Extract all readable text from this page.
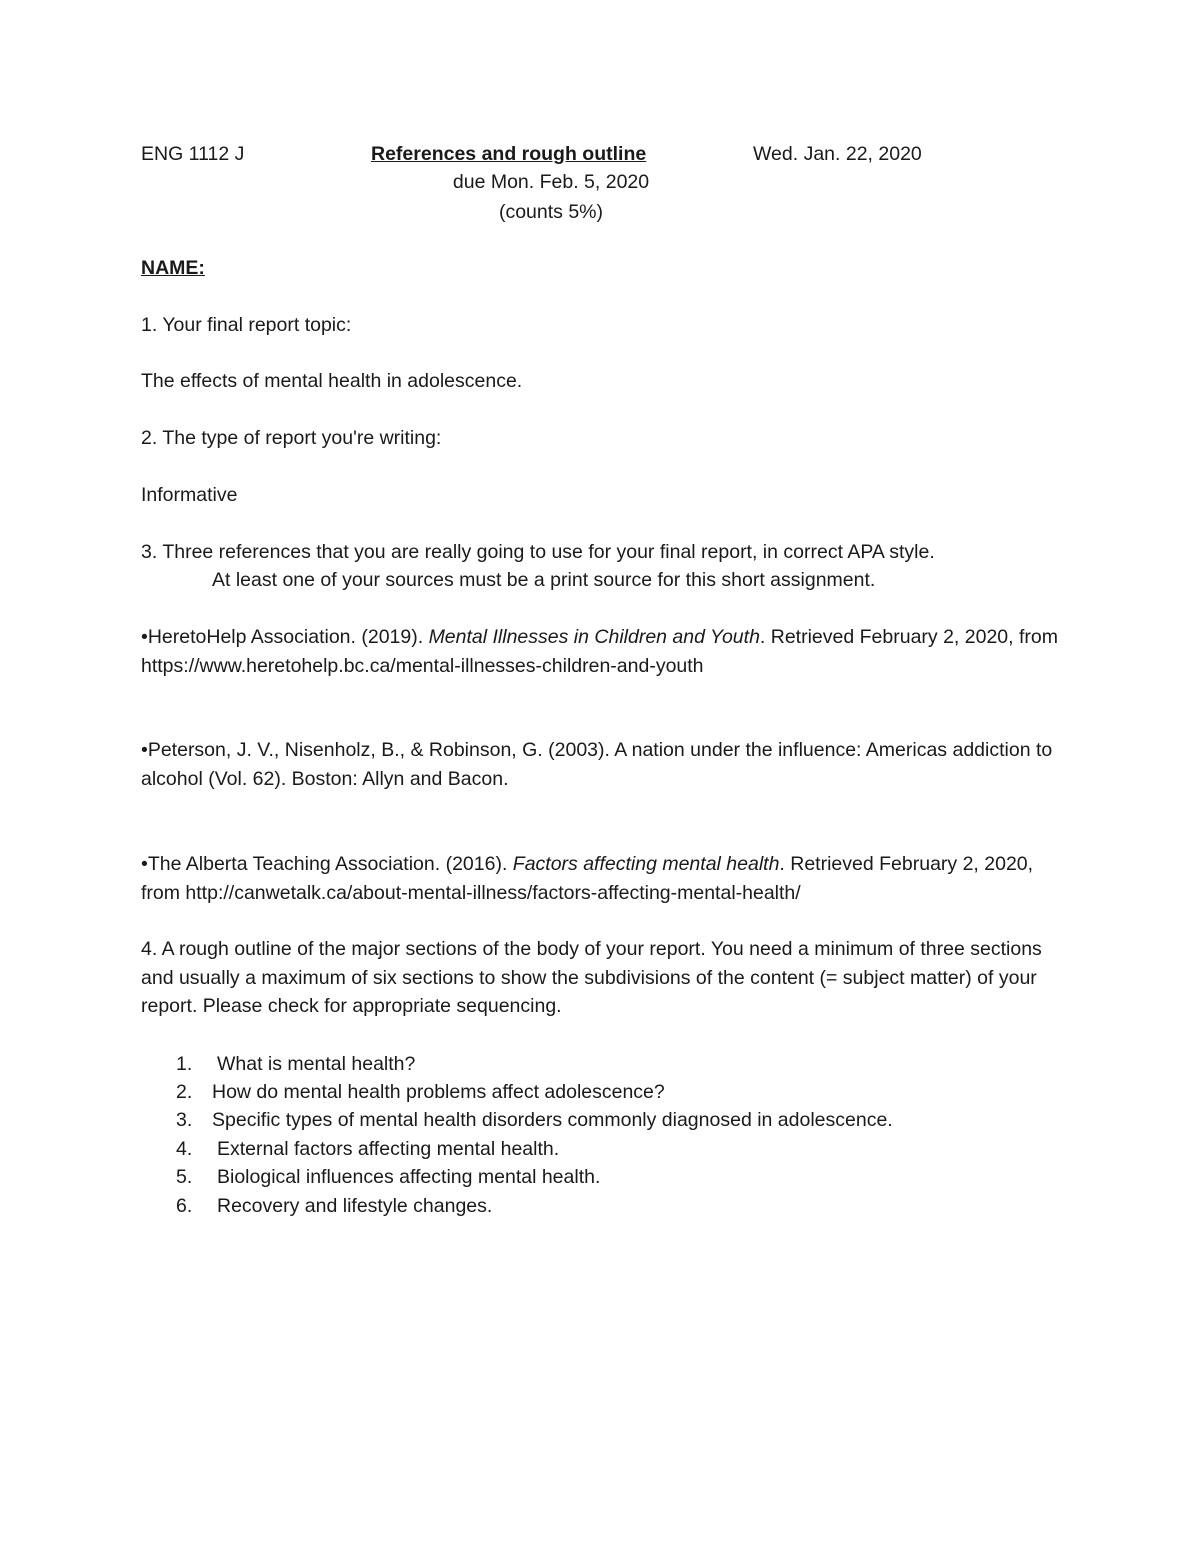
ENG 1112 J	References and rough outline	Wed. Jan. 22, 2020
due Mon. Feb. 5, 2020
(counts 5%)
NAME:
1. Your final report topic:
The effects of mental health in adolescence.
2. The type of report you're writing:
Informative
3. Three references that you are really going to use for your final report, in correct APA style.
At least one of your sources must be a print source for this short assignment.
•HeretoHelp Association. (2019). Mental Illnesses in Children and Youth. Retrieved February 2, 2020, from https://www.heretohelp.bc.ca/mental-illnesses-children-and-youth
•Peterson, J. V., Nisenholz, B., & Robinson, G. (2003). A nation under the influence: Americas addiction to alcohol (Vol. 62). Boston: Allyn and Bacon.
•The Alberta Teaching Association. (2016). Factors affecting mental health. Retrieved February 2, 2020, from http://canwetalk.ca/about-mental-illness/factors-affecting-mental-health/
4. A rough outline of the major sections of the body of your report. You need a minimum of three sections and usually a maximum of six sections to show the subdivisions of the content (= subject matter) of your report. Please check for appropriate sequencing.
1. What is mental health?
2. How do mental health problems affect adolescence?
3. Specific types of mental health disorders commonly diagnosed in adolescence.
4. External factors affecting mental health.
5. Biological influences affecting mental health.
6. Recovery and lifestyle changes.
